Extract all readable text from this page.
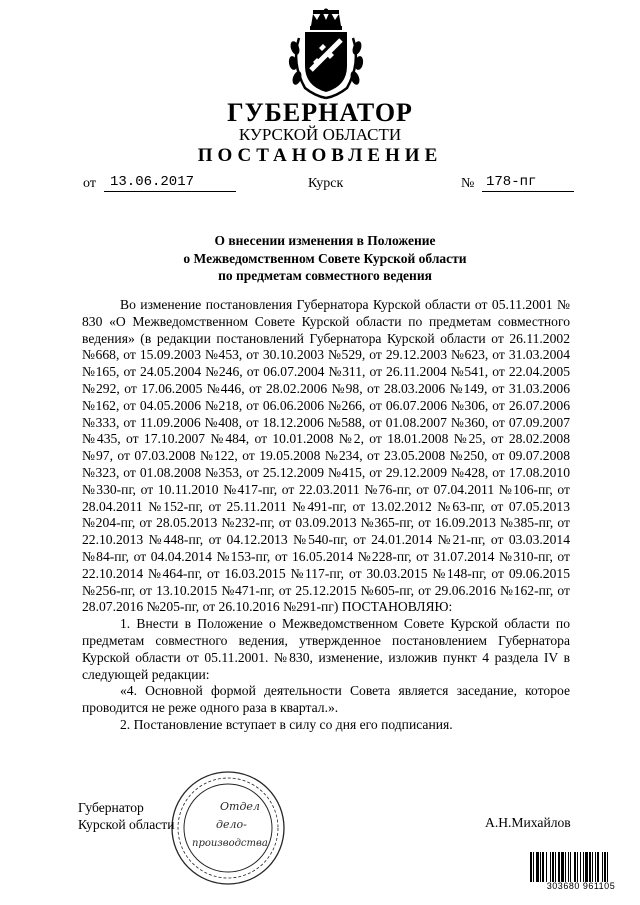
ГУБЕРНАТОР
КУРСКОЙ ОБЛАСТИ
ПОСТАНОВЛЕНИЕ
от	13.06.2017	Курск	№ 178-пг
О внесении изменения в Положение
о Межведомственном Совете Курской области
по предметам совместного ведения

Во изменение постановления Губернатора Курской области от 05.11.2001 № 830 «О Межведомственном Совете Курской области по предметам совместного ведения» (в редакции постановлений Губернатора Курской области от 26.11.2002 №668, от 15.09.2003 №453, от 30.10.2003 №529, от 29.12.2003 №623, от 31.03.2004 №165, от 24.05.2004 №246, от 06.07.2004 №311, от 26.11.2004 №541, от 22.04.2005 №292, от 17.06.2005 №446, от 28.02.2006 №98, от 28.03.2006 №149, от 31.03.2006 №162, от 04.05.2006 №218, от 06.06.2006 №266, от 06.07.2006 №306, от 26.07.2006 №333, от 11.09.2006 №408, от 18.12.2006 №588, от 01.08.2007 №360, от 07.09.2007 №435, от 17.10.2007 №484, от 10.01.2008 №2, от 18.01.2008 №25, от 28.02.2008 №97, от 07.03.2008 №122, от 19.05.2008 №234, от 23.05.2008 №250, от 09.07.2008 №323, от 01.08.2008 №353, от 25.12.2009 №415, от 29.12.2009 №428, от 17.08.2010 №330-пг, от 10.11.2010 №417-пг, от 22.03.2011 №76-пг, от 07.04.2011 №106-пг, от 28.04.2011 №152-пг, от 25.11.2011 №491-пг, от 13.02.2012 №63-пг, от 07.05.2013 №204-пг, от 28.05.2013 №232-пг, от 03.09.2013 №365-пг, от 16.09.2013 №385-пг, от 22.10.2013 №448-пг, от 04.12.2013 №540-пг, от 24.01.2014 №21-пг, от 03.03.2014 №84-пг, от 04.04.2014 №153-пг, от 16.05.2014 №228-пг, от 31.07.2014 №310-пг, от 22.10.2014 №464-пг, от 16.03.2015 №117-пг, от 30.03.2015 №148-пг, от 09.06.2015 №256-пг, от 13.10.2015 №471-пг, от 25.12.2015 №605-пг, от 29.06.2016 №162-пг, от 28.07.2016 №205-пг, от 26.10.2016 №291-пг) ПОСТАНОВЛЯЮ:

1. Внести в Положение о Межведомственном Совете Курской области по предметам совместного ведения, утвержденное постановлением Губернатора Курской области от 05.11.2001. №830, изменение, изложив пункт 4 раздела IV в следующей редакции:

«4. Основной формой деятельности Совета является заседание, которое проводится не реже одного раза в квартал.».

2. Постановление вступает в силу со дня его подписания.

Губернатор
Курской области	А.Н.Михайлов
Отдел
дело-
производства
303680 961105
